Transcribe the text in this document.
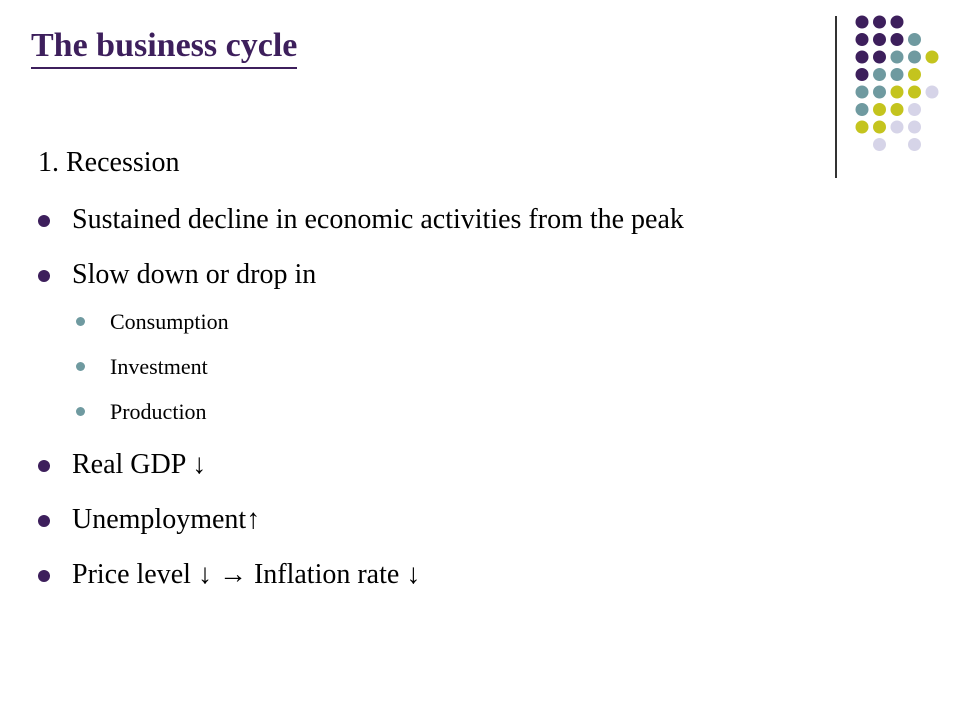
The business cycle
1. Recession
Sustained decline in economic activities from the peak
Slow down or drop in
Consumption
Investment
Production
Real GDP ↓
Unemployment↑
Price level ↓ → Inflation rate ↓
